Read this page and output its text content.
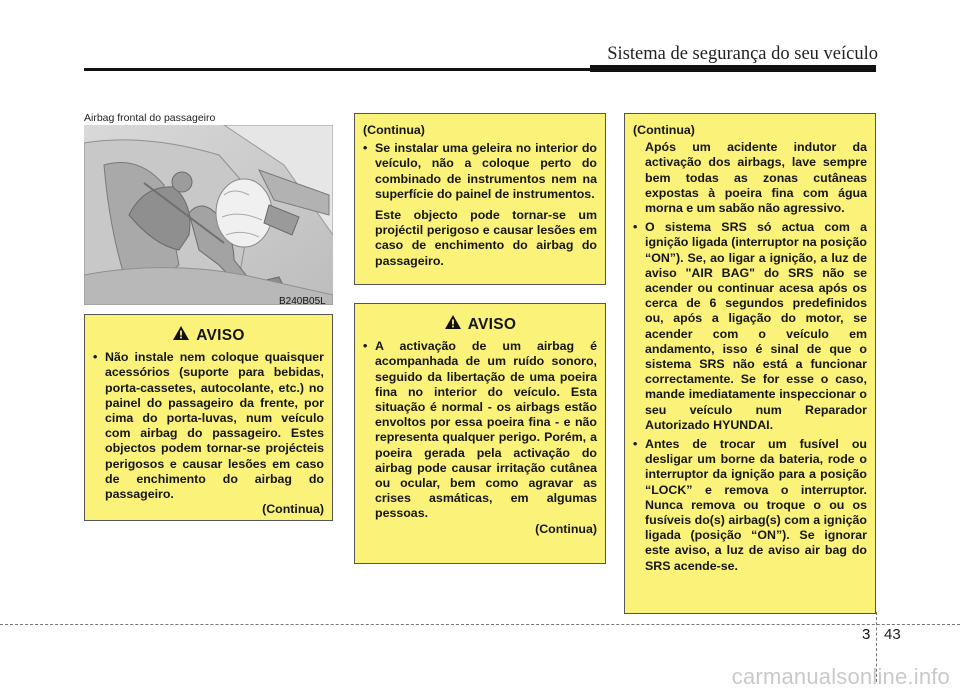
Sistema de segurança do seu veículo
Airbag frontal do passageiro
B240B05L
AVISO
• Não instale nem coloque quaisquer acessórios (suporte para bebidas, porta-cassetes, autocolante, etc.) no painel do passageiro da frente, por cima do porta-luvas, num veículo com airbag do passageiro. Estes objectos podem tornar-se projécteis perigosos e causar lesões em caso de enchimento do airbag do passageiro.

(Continua)

(Continua)

• Se instalar uma geleira no interior do veículo, não a coloque perto do combinado de instrumentos nem na superfície do painel de instrumentos.

Este objecto pode tornar-se um projéctil perigoso e causar lesões em caso de enchimento do airbag do passageiro.

AVISO
• A activação de um airbag é acompanhada de um ruído sonoro, seguido da libertação de uma poeira fina no interior do veículo. Esta situação é normal - os airbags estão envoltos por essa poeira fina - e não representa qualquer perigo. Porém, a poeira gerada pela activação do airbag pode causar irritação cutânea ou ocular, bem como agravar as crises asmáticas, em algumas pessoas.

(Continua)

(Continua)

Após um acidente indutor da activação dos airbags, lave sempre bem todas as zonas cutâneas expostas à poeira fina com água morna e um sabão não agressivo.

• O sistema SRS só actua com a ignição ligada (interruptor na posição “ON”). Se, ao ligar a ignição, a luz de aviso "AIR BAG" do SRS não se acender ou continuar acesa após os cerca de 6 segundos predefinidos ou, após a ligação do motor, se acender com o veículo em andamento, isso é sinal de que o sistema SRS não está a funcionar correctamente. Se for esse o caso, mande imediatamente inspeccionar o seu veículo num Reparador Autorizado HYUNDAI.
• Antes de trocar um fusível ou desligar um borne da bateria, rode o interruptor da ignição para a posição “LOCK” e remova o interruptor. Nunca remova ou troque o ou os fusíveis do(s) airbag(s) com a ignição ligada (posição “ON”). Se ignorar este aviso, a luz de aviso air bag do SRS acende-se.
3 43
carmanualsonline.info
